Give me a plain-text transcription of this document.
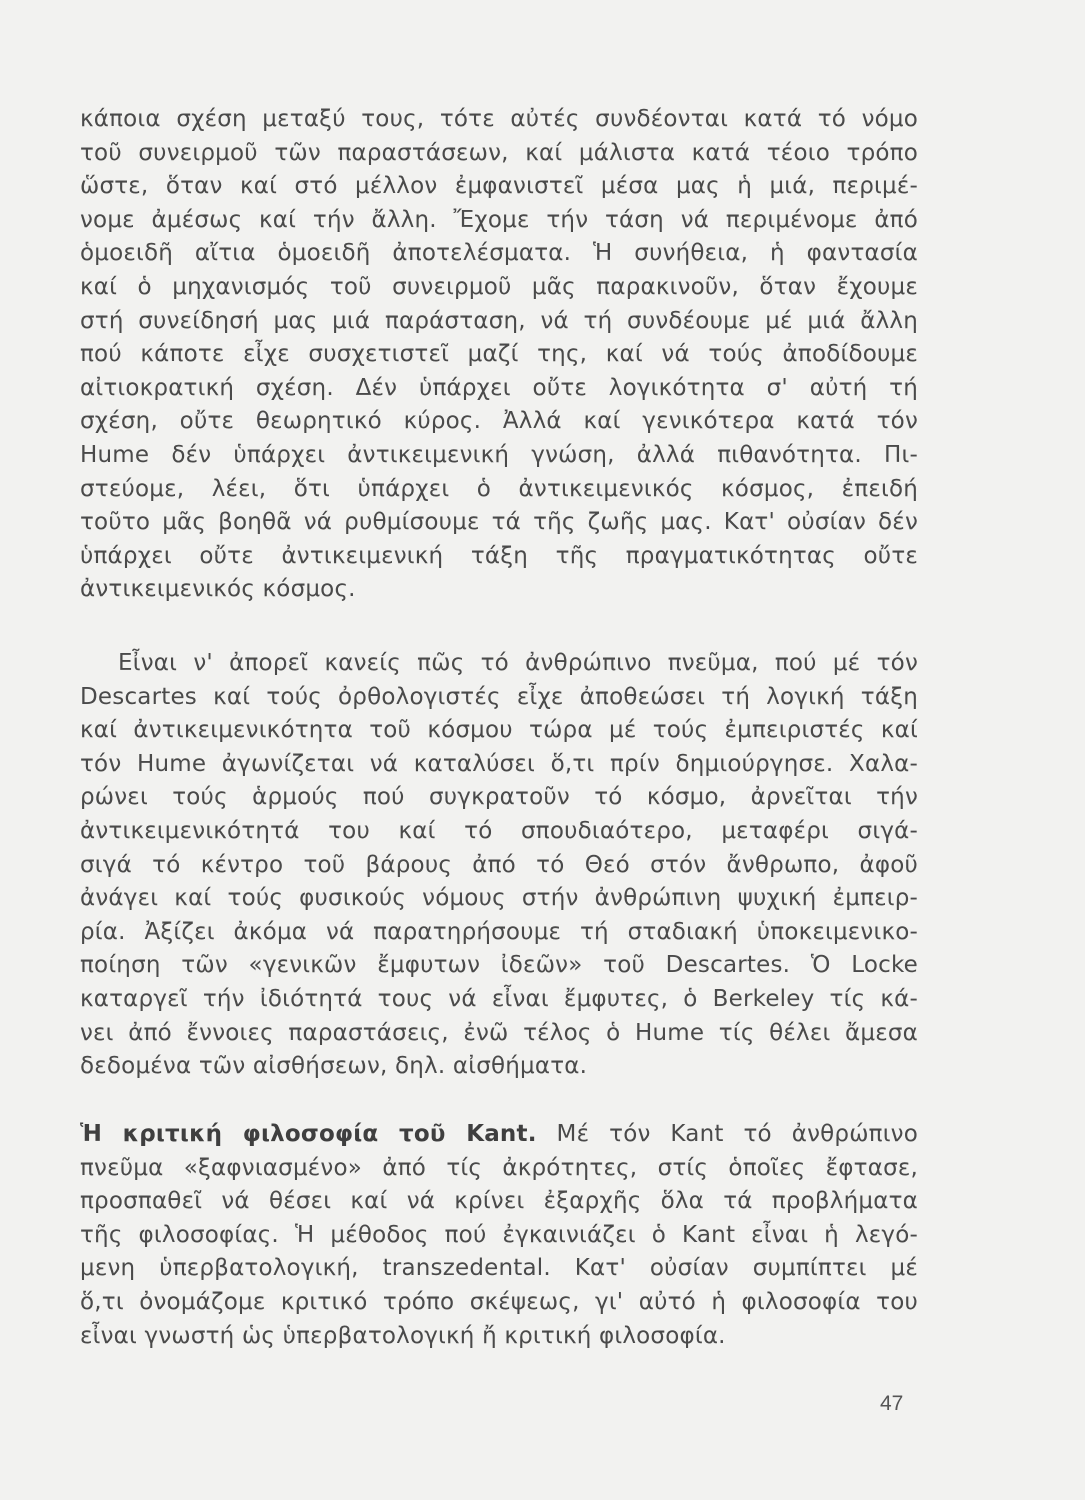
κάποια σχέση μεταξύ τους, τότε αὐτές συνδέονται κατά τό νόμο
τοῦ συνειρμοῦ τῶν παραστάσεων, καί μάλιστα κατά τέοιο τρόπο
ὥστε, ὅταν καί στό μέλλον ἐμφανιστεῖ μέσα μας ἡ μιά, περιμέ-
νομε ἀμέσως καί τήν ἄλλη. Ἔχομε τήν τάση νά περιμένομε ἀπό
ὁμοειδῆ αἴτια ὁμοειδῆ ἀποτελέσματα. Ἡ συνήθεια, ἡ φαντασία
καί ὁ μηχανισμός τοῦ συνειρμοῦ μᾶς παρακινοῦν, ὅταν ἔχουμε
στή συνείδησή μας μιά παράσταση, νά τή συνδέουμε μέ μιά ἄλλη
πού κάποτε εἶχε συσχετιστεῖ μαζί της, καί νά τούς ἀποδίδουμε
αἰτιοκρατική σχέση. Δέν ὑπάρχει οὔτε λογικότητα σ' αὐτή τή
σχέση, οὔτε θεωρητικό κύρος. Ἀλλά καί γενικότερα κατά τόν
Hume δέν ὑπάρχει ἀντικειμενική γνώση, ἀλλά πιθανότητα. Πι-
στεύομε, λέει, ὅτι ὑπάρχει ὁ ἀντικειμενικός κόσμος, ἐπειδή
τοῦτο μᾶς βοηθᾶ νά ρυθμίσουμε τά τῆς ζωῆς μας. Κατ' οὐσίαν δέν
ὑπάρχει οὔτε ἀντικειμενική τάξη τῆς πραγματικότητας οὔτε
ἀντικειμενικός κόσμος.
Εἶναι ν' ἀπορεῖ κανείς πῶς τό ἀνθρώπινο πνεῦμα, πού μέ τόν
Descartes καί τούς ὀρθολογιστές εἶχε ἀποθεώσει τή λογική τάξη
καί ἀντικειμενικότητα τοῦ κόσμου τώρα μέ τούς ἐμπειριστές καί
τόν Hume ἀγωνίζεται νά καταλύσει ὅ,τι πρίν δημιούργησε. Χαλα-
ρώνει τούς ἁρμούς πού συγκρατοῦν τό κόσμο, ἀρνεῖται τήν
ἀντικειμενικότητά του καί τό σπουδιαότερο, μεταφέρι σιγά-
σιγά τό κέντρο τοῦ βάρους ἀπό τό Θεό στόν ἄνθρωπο, ἀφοῦ
ἀνάγει καί τούς φυσικούς νόμους στήν ἀνθρώπινη ψυχική ἐμπειρ-
ρία. Ἀξίζει ἀκόμα νά παρατηρήσουμε τή σταδιακή ὑποκειμενικο-
ποίηση τῶν «γενικῶν ἔμφυτων ἰδεῶν» τοῦ Descartes. Ὁ Locke
καταργεῖ τήν ἰδιότητά τους νά εἶναι ἔμφυτες, ὁ Berkeley τίς κά-
νει ἀπό ἔννοιες παραστάσεις, ἐνῶ τέλος ὁ Hume τίς θέλει ἄμεσα
δεδομένα τῶν αἰσθήσεων, δηλ. αἰσθήματα.
Ἡ κριτική φιλοσοφία τοῦ Kant. Μέ τόν Kant τό ἀνθρώπινο
πνεῦμα «ξαφνιασμένο» ἀπό τίς ἀκρότητες, στίς ὁποῖες ἔφτασε,
προσπαθεῖ νά θέσει καί νά κρίνει ἐξαρχῆς ὅλα τά προβλήματα
τῆς φιλοσοφίας. Ἡ μέθοδος πού ἐγκαινιάζει ὁ Kant εἶναι ἡ λεγό-
μενη ὑπερβατολογική, transzedental. Κατ' οὐσίαν συμπίπτει μέ
ὅ,τι ὀνομάζομε κριτικό τρόπο σκέψεως, γι' αὐτό ἡ φιλοσοφία του
εἶναι γνωστή ὡς ὑπερβατολογική ἤ κριτική φιλοσοφία.
47
